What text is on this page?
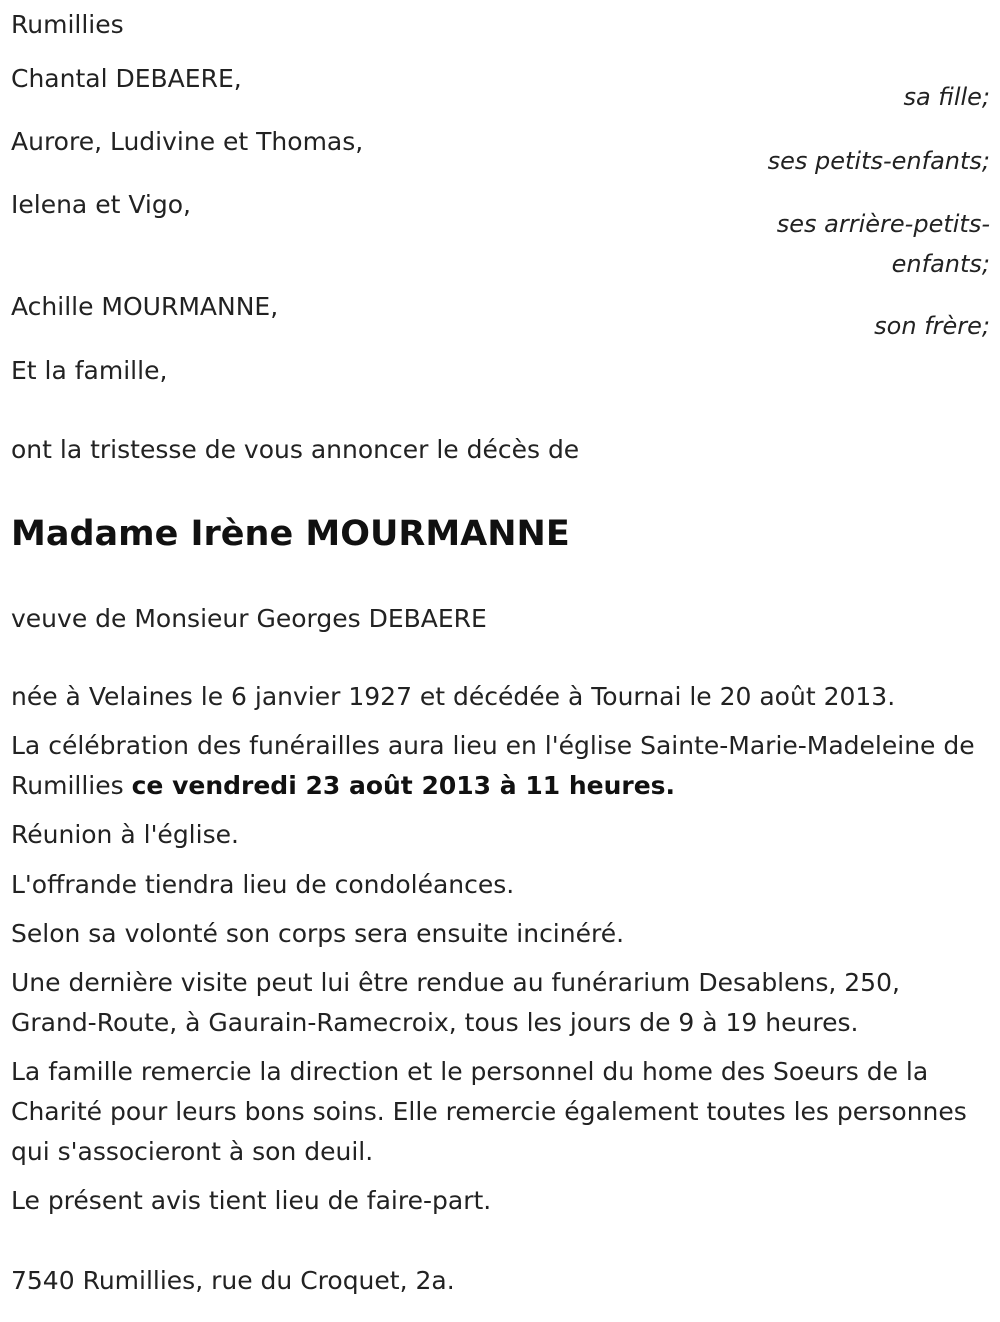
Rumillies

Chantal DEBAERE,

sa fille;

Aurore, Ludivine et Thomas,

ses petits-enfants;

Ielena et Vigo,

ses arrière-petits-enfants;

Achille MOURMANNE,

son frère;

Et la famille,

ont la tristesse de vous annoncer le décès de

Madame Irène MOURMANNE

veuve de Monsieur Georges DEBAERE

née à Velaines le 6 janvier 1927 et décédée à Tournai le 20 août 2013.

La célébration des funérailles aura lieu en l'église Sainte-Marie-Madeleine de Rumillies ce vendredi 23 août 2013 à 11 heures.

Réunion à l'église.

L'offrande tiendra lieu de condoléances.

Selon sa volonté son corps sera ensuite incinéré.

Une dernière visite peut lui être rendue au funérarium Desablens, 250, Grand-Route, à Gaurain-Ramecroix, tous les jours de 9 à 19 heures.

La famille remercie la direction et le personnel du home des Soeurs de la Charité pour leurs bons soins. Elle remercie également toutes les personnes qui s'associeront à son deuil.

Le présent avis tient lieu de faire-part.

7540 Rumillies, rue du Croquet, 2a.
